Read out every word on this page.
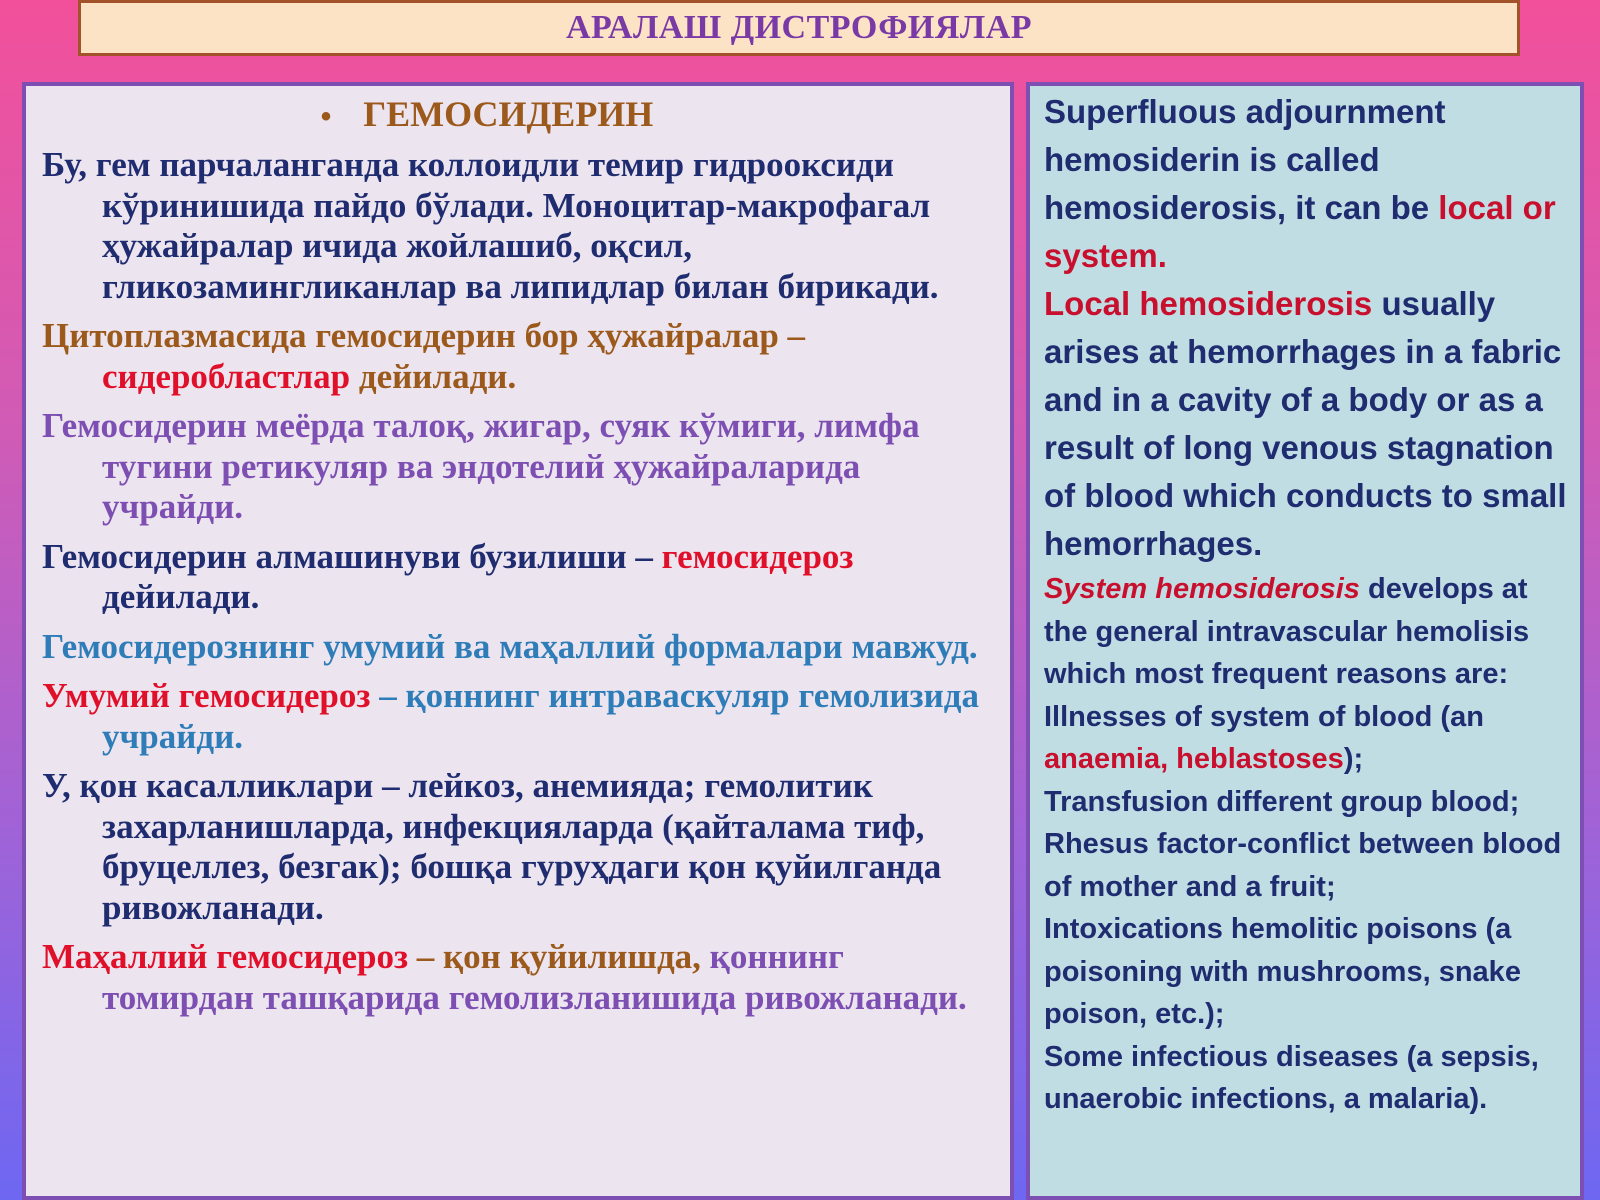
АРАЛАШ ДИСТРОФИЯЛАР
• ГЕМОСИДЕРИН

Бу, гем парчаланганда коллоидли темир гидрооксиди кўринишида пайдо бўлади. Моноцитар-макрофагал ҳужайралар ичида жойлашиб, оқсил, гликозамингликанлар ва липидлар билан бирикади.

Цитоплазмасида гемосидерин бор ҳужайралар – сидеробластлар дейилади.

Гемосидерин меёрда талоқ, жигар, суяк кўмиги, лимфа тугини ретикуляр ва эндотелий ҳужайраларида учрайди.

Гемосидерин алмашинуви бузилиши – гемосидероз дейилади.

Гемосидерознинг умумий ва маҳаллий формалари мавжуд.

Умумий гемосидероз – қоннинг интраваскуляр гемолизида учрайди.

У, қон касалликлари – лейкоз, анемияда; гемолитик захарланишларда, инфекцияларда (қайталама тиф, бруцеллез, безгак); бошқа гуруҳдаги қон қуйилганда ривожланади.

Маҳаллий гемосидероз – қон қуйилишда, қоннинг томирдан ташқарида гемолизланишида ривожланади.

Superfluous adjournment hemosiderin is called hemosiderosis, it can be local or system.

Local hemosiderosis usually arises at hemorrhages in a fabric and in a cavity of a body or as a result of long venous stagnation of blood which conducts to small hemorrhages.

System hemosiderosis develops at the general intravascular hemolisis which most frequent reasons are:

Illnesses of system of blood (an anaemia, heblastoses);

Transfusion different group blood;

Rhesus factor-conflict between blood of mother and a fruit;

Intoxications hemolitic poisons (a poisoning with mushrooms, snake poison, etc.);

Some infectious diseases (a sepsis, unaerobic infections, a malaria).
